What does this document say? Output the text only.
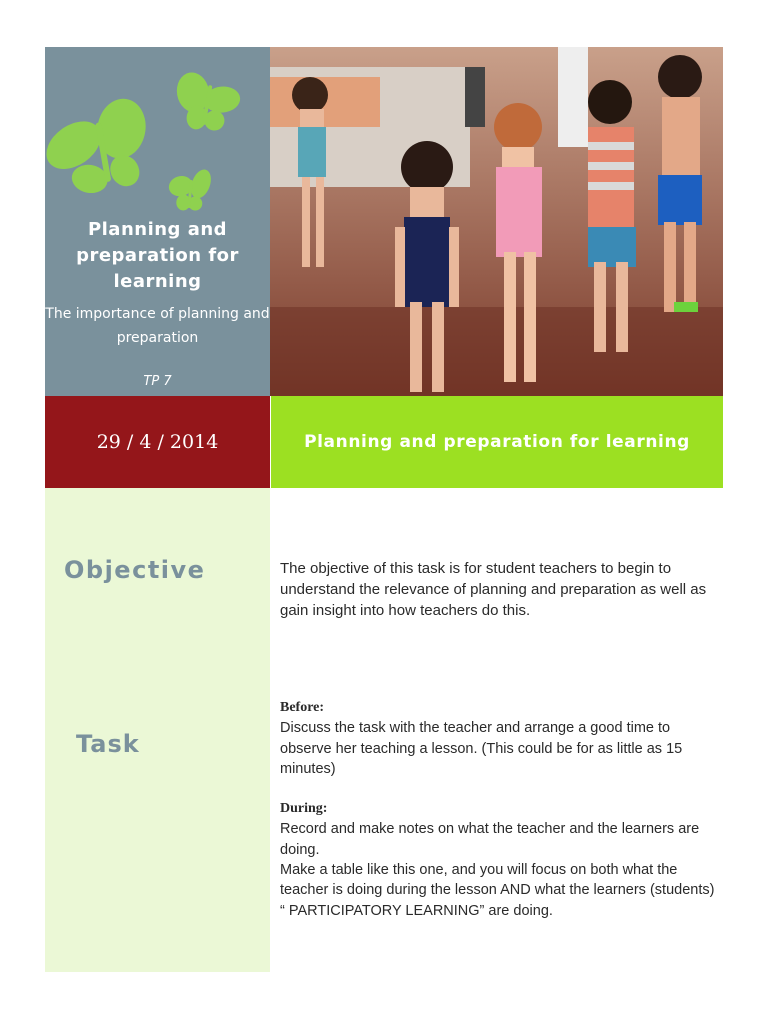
Planning and preparation for learning
The importance of planning and preparation
TP 7
29 / 4 / 2014	Planning and preparation for learning
Objective
Task
The objective of this task is for student teachers to begin to understand the relevance of planning and preparation as well as gain insight into how teachers do this.

Before:

Discuss the task with the teacher and arrange a good time to observe her teaching a lesson. (This could be for as little as 15 minutes)

During:

Record and make notes on what the teacher and the learners are doing.

Make a table like this one, and you will focus on both what the teacher is doing during the lesson AND what the learners (students) “ PARTICIPATORY LEARNING” are doing.
